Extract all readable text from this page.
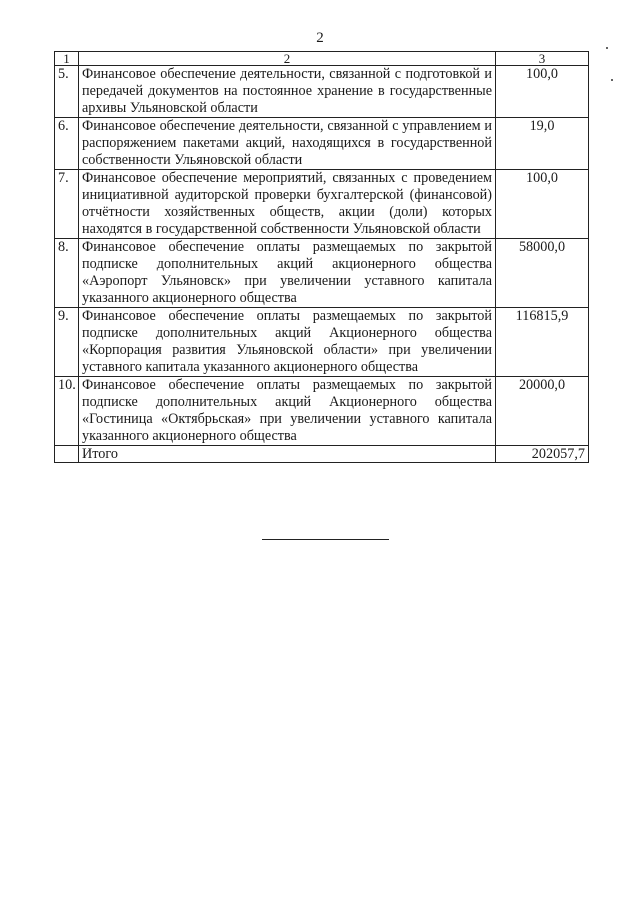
2
1	2	3
5.	Финансовое обеспечение деятельности, связанной с подготовкой и передачей документов на постоянное хранение в государственные архивы Ульяновской области	100,0
6.	Финансовое обеспечение деятельности, связанной с управлением и распоряжением пакетами акций, находящихся в государственной собственности Ульяновской области	19,0
7.	Финансовое обеспечение мероприятий, связанных с проведением инициативной аудиторской проверки бухгалтерской (финансовой) отчётности хозяйственных обществ, акции (доли) которых находятся в государственной собственности Ульяновской области	100,0
8.	Финансовое обеспечение оплаты размещаемых по закрытой подписке дополнительных акций акционерного общества «Аэропорт Ульяновск» при увеличении уставного капитала указанного акционерного общества	58000,0
9.	Финансовое обеспечение оплаты размещаемых по закрытой подписке дополнительных акций Акционерного общества «Корпорация развития Ульяновской области» при увеличении уставного капитала указанного акционерного общества	116815,9
10.	Финансовое обеспечение оплаты размещаемых по закрытой подписке дополнительных акций Акционерного общества «Гостиница «Октябрьская» при увеличении уставного капитала указанного акционерного общества	20000,0
	Итого	202057,7
